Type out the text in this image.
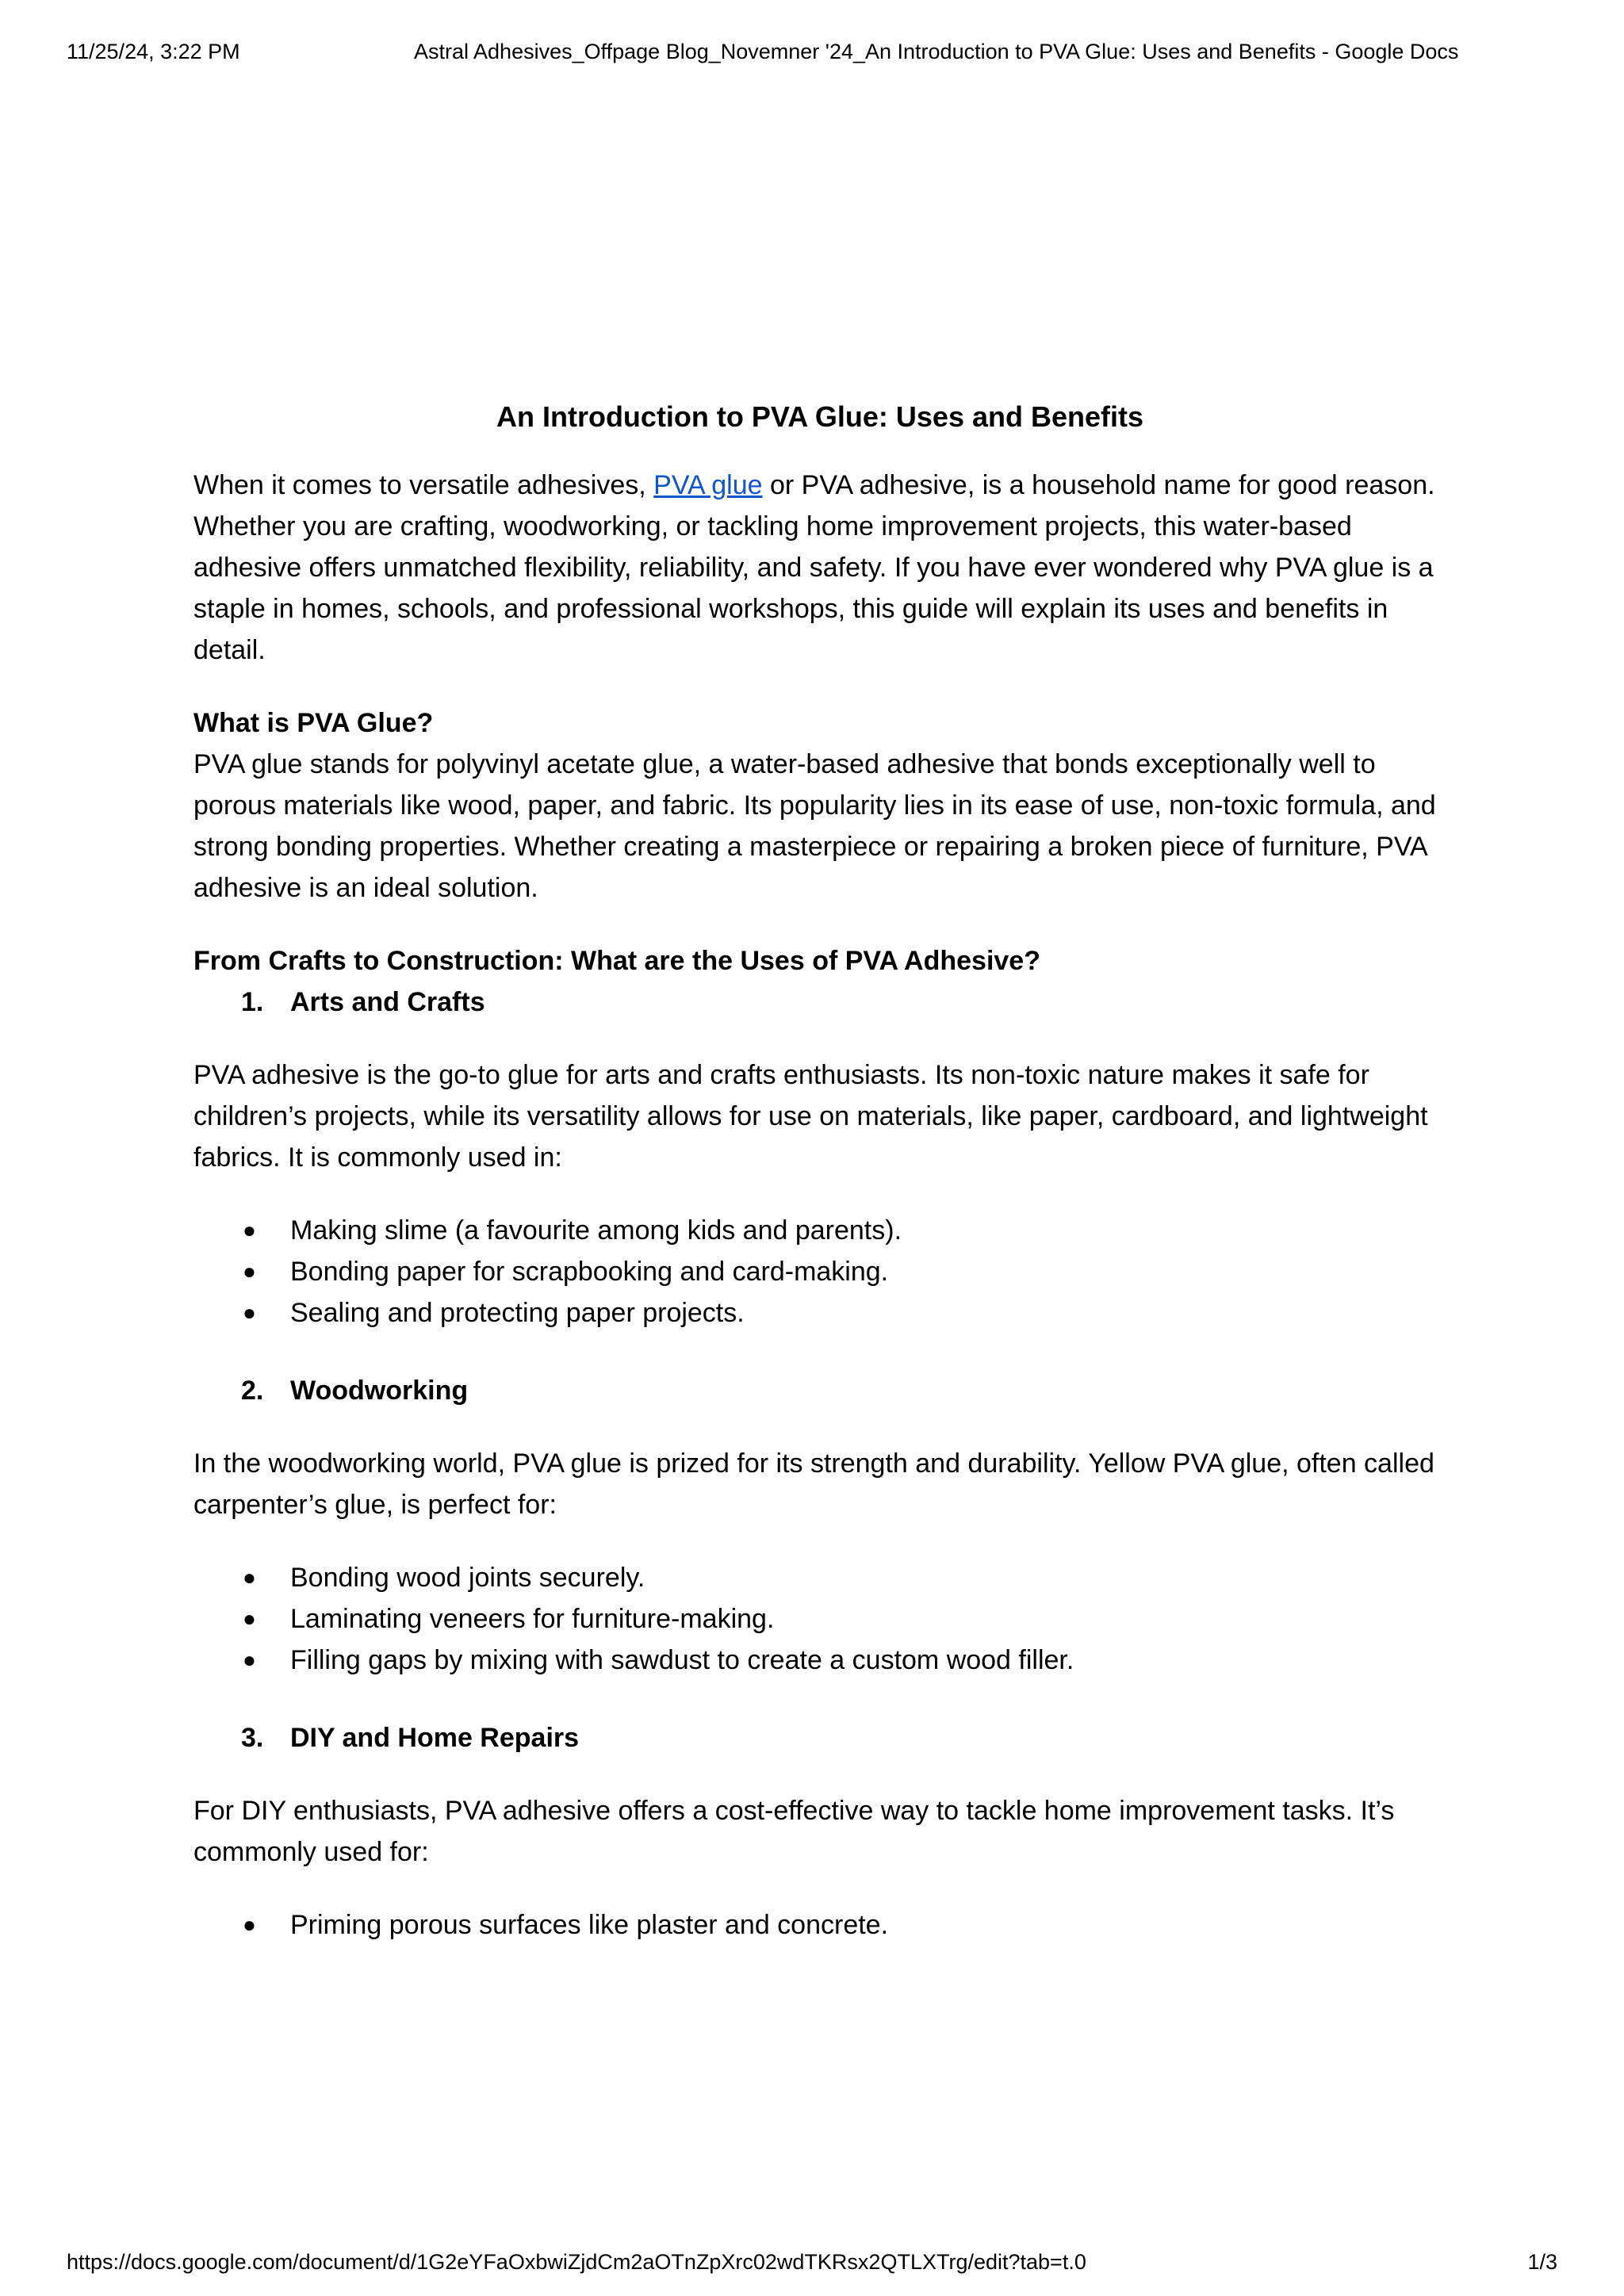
11/25/24, 3:22 PM	Astral Adhesives_Offpage Blog_Novemner '24_An Introduction to PVA Glue: Uses and Benefits - Google Docs
An Introduction to PVA Glue: Uses and Benefits

When it comes to versatile adhesives, PVA glue or PVA adhesive, is a household name for good reason. Whether you are crafting, woodworking, or tackling home improvement projects, this water-based adhesive offers unmatched flexibility, reliability, and safety. If you have ever wondered why PVA glue is a staple in homes, schools, and professional workshops, this guide will explain its uses and benefits in detail.

What is PVA Glue?

PVA glue stands for polyvinyl acetate glue, a water-based adhesive that bonds exceptionally well to porous materials like wood, paper, and fabric. Its popularity lies in its ease of use, non-toxic formula, and strong bonding properties. Whether creating a masterpiece or repairing a broken piece of furniture, PVA adhesive is an ideal solution.

From Crafts to Construction: What are the Uses of PVA Adhesive?

1. Arts and Crafts

PVA adhesive is the go-to glue for arts and crafts enthusiasts. Its non-toxic nature makes it safe for children’s projects, while its versatility allows for use on materials, like paper, cardboard, and lightweight fabrics. It is commonly used in:

● Making slime (a favourite among kids and parents).
● Bonding paper for scrapbooking and card-making.
● Sealing and protecting paper projects.

2. Woodworking

In the woodworking world, PVA glue is prized for its strength and durability. Yellow PVA glue, often called carpenter’s glue, is perfect for:

● Bonding wood joints securely.
● Laminating veneers for furniture-making.
● Filling gaps by mixing with sawdust to create a custom wood filler.

3. DIY and Home Repairs

For DIY enthusiasts, PVA adhesive offers a cost-effective way to tackle home improvement tasks. It’s commonly used for:

● Priming porous surfaces like plaster and concrete.
https://docs.google.com/document/d/1G2eYFaOxbwiZjdCm2aOTnZpXrc02wdTKRsx2QTLXTrg/edit?tab=t.0	1/3
